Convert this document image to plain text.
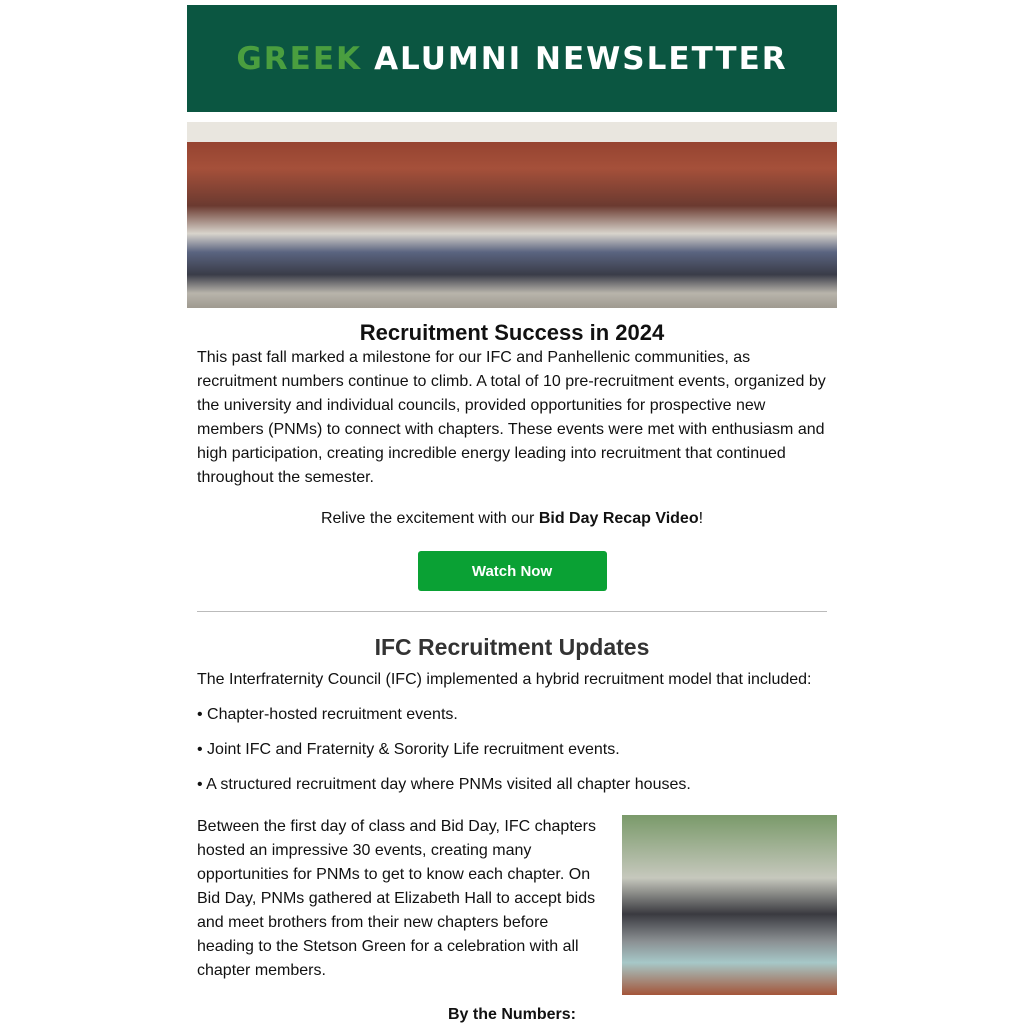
GREEK ALUMNI NEWSLETTER
Recruitment Success in 2024

This past fall marked a milestone for our IFC and Panhellenic communities, as recruitment numbers continue to climb. A total of 10 pre-recruitment events, organized by the university and individual councils, provided opportunities for prospective new members (PNMs) to connect with chapters. These events were met with enthusiasm and high participation, creating incredible energy leading into recruitment that continued throughout the semester.

Relive the excitement with our Bid Day Recap Video!

Watch Now
IFC Recruitment Updates

The Interfraternity Council (IFC) implemented a hybrid recruitment model that included:

• Chapter-hosted recruitment events.

• Joint IFC and Fraternity & Sorority Life recruitment events.

• A structured recruitment day where PNMs visited all chapter houses.

Between the first day of class and Bid Day, IFC chapters hosted an impressive 30 events, creating many opportunities for PNMs to get to know each chapter. On Bid Day, PNMs gathered at Elizabeth Hall to accept bids and meet brothers from their new chapters before heading to the Stetson Green for a celebration with all chapter members.

By the Numbers:
